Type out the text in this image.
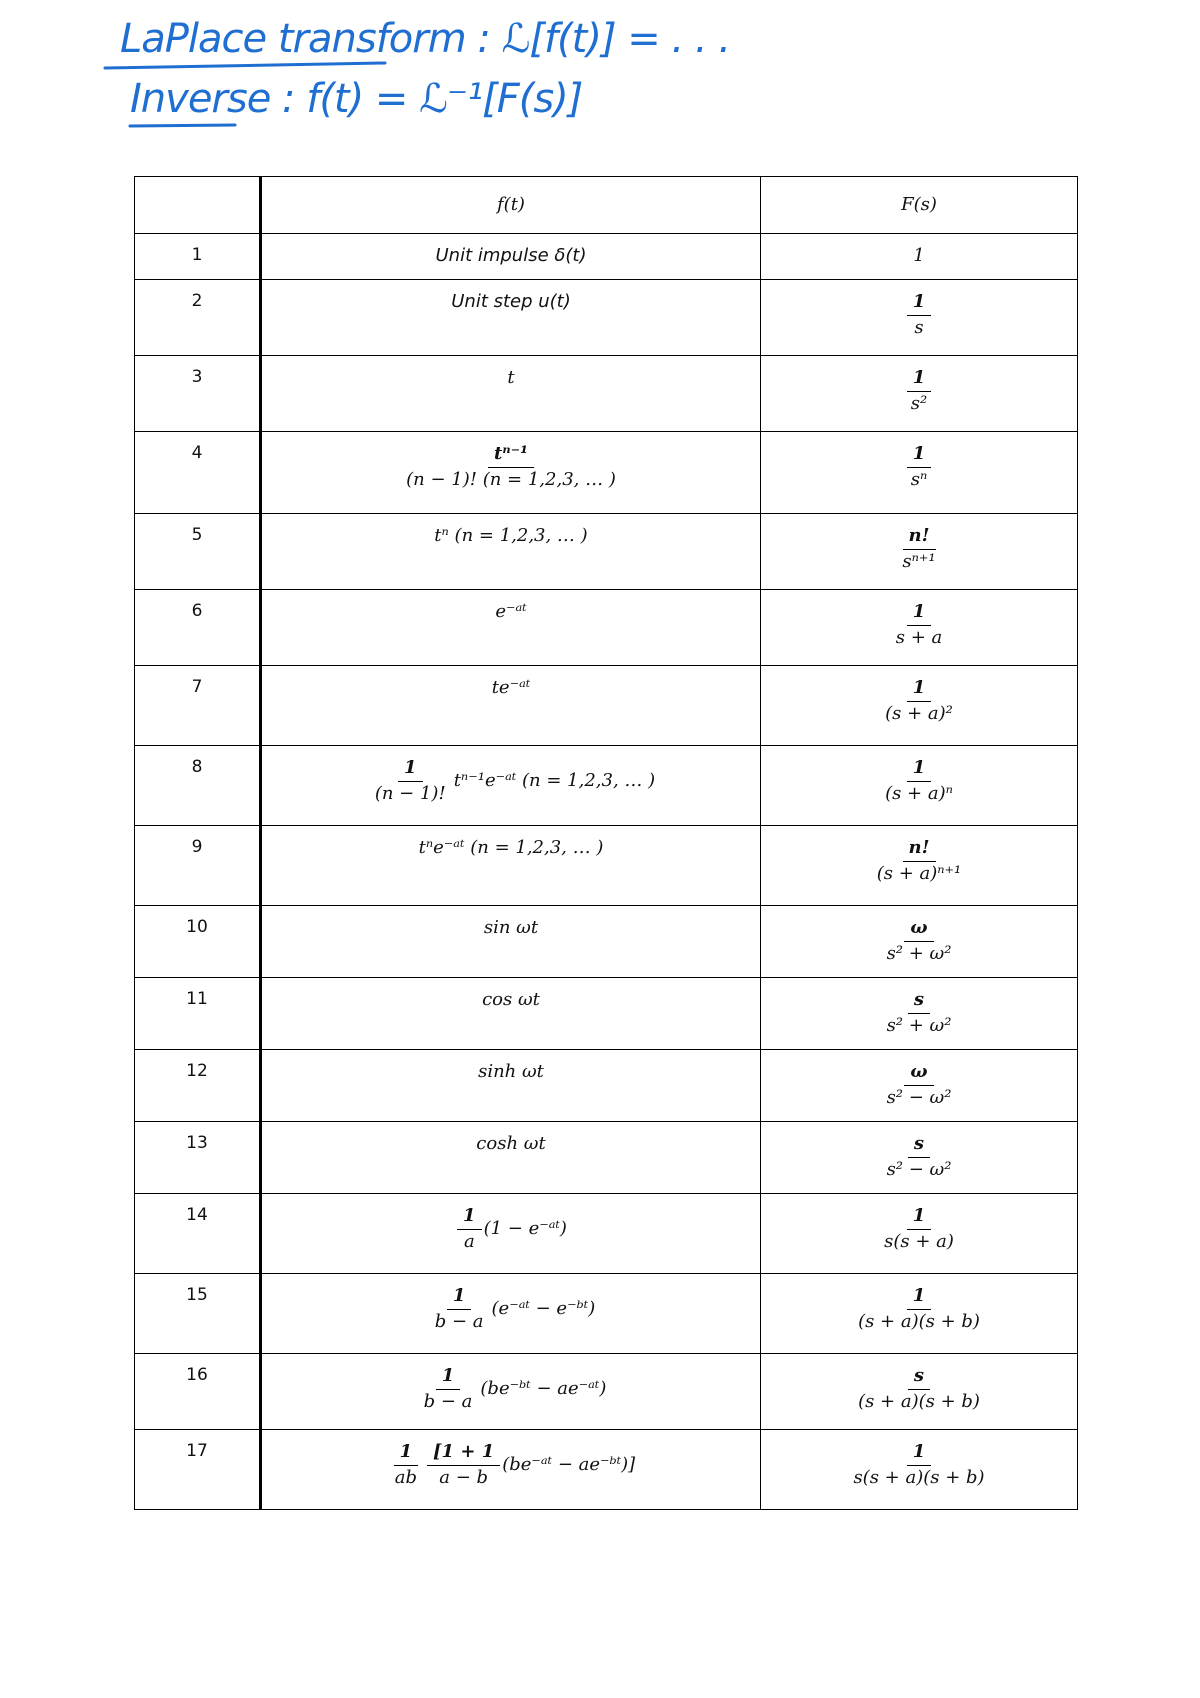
LaPlace transform : ℒ[f(t)] = . . .
Inverse : f(t) = ℒ⁻¹[F(s)]
	f(t)	F(s)
1	Unit impulse δ(t)	1
2	Unit step u(t)	$\frac{1}{s}$

3	t	$\frac{1}{\text{s²}}$

4	$\frac{\text{tⁿ⁻¹}}{(n - 1)! (n = 1,2,3, \dots )}$	$\frac{1}{\text{sⁿ}}$

5	tⁿ (n = 1,2,3, … )	$\frac{n!}{\text{sⁿ⁺¹}}$

6	e⁻ᵃᵗ	$\frac{1}{s + a}$

7	te⁻ᵃᵗ	$\frac{1}{\text{(s + a)²}}$

8	$\frac{1}{(n - 1)!}$ tⁿ⁻¹e⁻ᵃᵗ (n = 1,2,3, … )	$\frac{1}{\text{(s + a)ⁿ}}$

9	tⁿe⁻ᵃᵗ (n = 1,2,3, … )	$\frac{n!}{\text{(s + a)ⁿ⁺¹}}$

10	sin ωt	$\frac{\omega}{\text{s² + ω²}}$

11	cos ωt	$\frac{s}{\text{s² + ω²}}$

12	sinh ωt	$\frac{\omega}{\text{s² − ω²}}$

13	cosh ωt	$\frac{s}{\text{s² − ω²}}$

14	$\frac{1}{a} (1$ − e⁻ᵃᵗ)	$\frac{1}{s(s + a)}$

15	$\frac{1}{b - a}$ (e⁻ᵃᵗ − e⁻ᵇᵗ)	$\frac{1}{(s + a)(s + b)}$

16	$\frac{1}{b - a}$ (be⁻ᵇᵗ − ae⁻ᵃᵗ)	$\frac{s}{(s + a)(s + b)}$

17	$\frac{1}{ab} \frac{[1 + 1}{a - b}$ (be⁻ᵃᵗ − ae⁻ᵇᵗ)]	$\frac{1}{s(s + a)(s + b)}$
